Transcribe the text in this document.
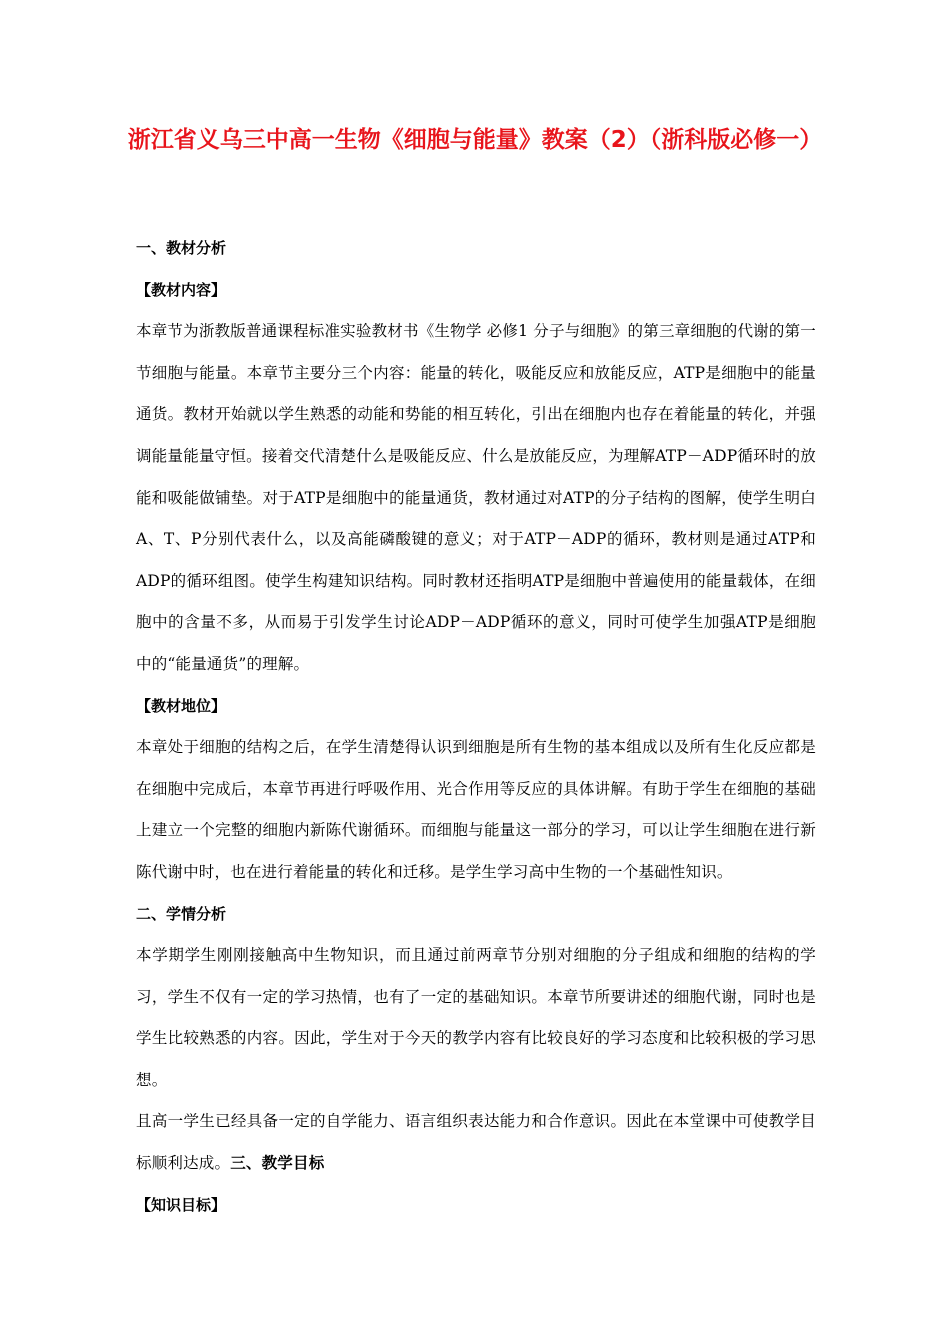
浙江省义乌三中高一生物《细胞与能量》教案（2）（浙科版必修一）
一、教材分析
【教材内容】
本章节为浙教版普通课程标准实验教材书《生物学 必修1 分子与细胞》的第三章细胞的代谢的第一节细胞与能量。本章节主要分三个内容：能量的转化，吸能反应和放能反应，ATP是细胞中的能量通货。教材开始就以学生熟悉的动能和势能的相互转化，引出在细胞内也存在着能量的转化，并强调能量能量守恒。接着交代清楚什么是吸能反应、什么是放能反应，为理解ATP－ADP循环时的放能和吸能做铺垫。对于ATP是细胞中的能量通货，教材通过对ATP的分子结构的图解，使学生明白A、T、P分别代表什么，以及高能磷酸键的意义；对于ATP－ADP的循环，教材则是通过ATP和ADP的循环组图。使学生构建知识结构。同时教材还指明ATP是细胞中普遍使用的能量载体，在细胞中的含量不多，从而易于引发学生讨论ADP－ADP循环的意义，同时可使学生加强ATP是细胞中的“能量通货”的理解。
【教材地位】
本章处于细胞的结构之后，在学生清楚得认识到细胞是所有生物的基本组成以及所有生化反应都是在细胞中完成后，本章节再进行呼吸作用、光合作用等反应的具体讲解。有助于学生在细胞的基础上建立一个完整的细胞内新陈代谢循环。而细胞与能量这一部分的学习，可以让学生细胞在进行新陈代谢中时，也在进行着能量的转化和迁移。是学生学习高中生物的一个基础性知识。
二、学情分析
本学期学生刚刚接触高中生物知识，而且通过前两章节分别对细胞的分子组成和细胞的结构的学习，学生不仅有一定的学习热情，也有了一定的基础知识。本章节所要讲述的细胞代谢，同时也是学生比较熟悉的内容。因此，学生对于今天的教学内容有比较良好的学习态度和比较积极的学习思想。
且高一学生已经具备一定的自学能力、语言组织表达能力和合作意识。因此在本堂课中可使教学目标顺利达成。三、教学目标
【知识目标】
